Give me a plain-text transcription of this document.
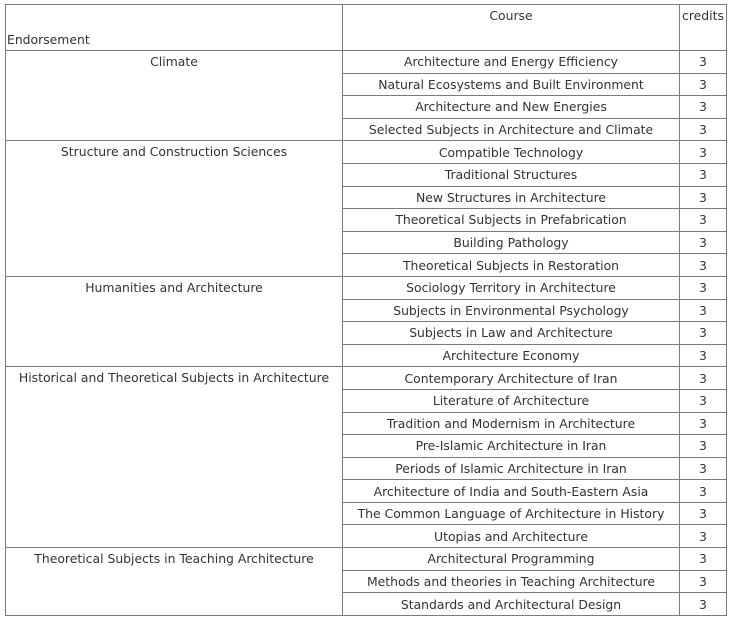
Endorsement	Course	credits
Climate	Architecture and Energy Efficiency	3
	Natural Ecosystems and Built Environment	3
	Architecture and New Energies	3
	Selected Subjects in Architecture and Climate	3
Structure and Construction Sciences	Compatible Technology	3
	Traditional Structures	3
	New Structures in Architecture	3
	Theoretical Subjects in Prefabrication	3
	Building Pathology	3
	Theoretical Subjects in Restoration	3
Humanities and Architecture	Sociology Territory in Architecture	3
	Subjects in Environmental Psychology	3
	Subjects in Law and Architecture	3
	Architecture Economy	3
Historical and Theoretical Subjects in Architecture	Contemporary Architecture of Iran	3
	Literature of Architecture	3
	Tradition and Modernism in Architecture	3
	Pre-Islamic Architecture in Iran	3
	Periods of Islamic Architecture in Iran	3
	Architecture of India and South-Eastern Asia	3
	The Common Language of Architecture in History	3
	Utopias and Architecture	3
Theoretical Subjects in Teaching Architecture	Architectural Programming	3
	Methods and theories in Teaching Architecture	3
	Standards and Architectural Design	3
